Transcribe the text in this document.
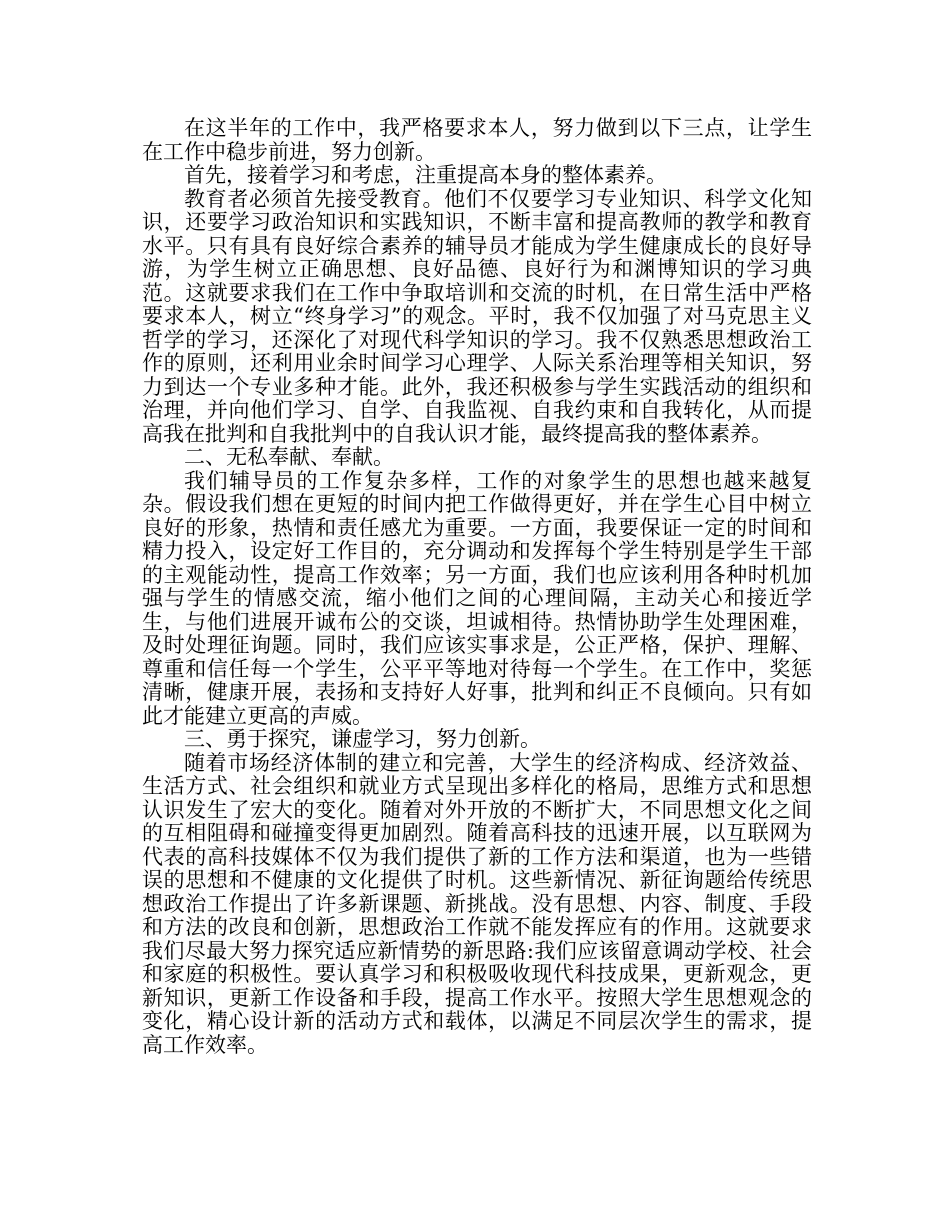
在这半年的工作中，我严格要求本人，努力做到以下三点，让学生在工作中稳步前进，努力创新。

首先，接着学习和考虑，注重提高本身的整体素养。

教育者必须首先接受教育。他们不仅要学习专业知识、科学文化知识，还要学习政治知识和实践知识，不断丰富和提高教师的教学和教育水平。只有具有良好综合素养的辅导员才能成为学生健康成长的良好导游，为学生树立正确思想、良好品德、良好行为和渊博知识的学习典范。这就要求我们在工作中争取培训和交流的时机，在日常生活中严格要求本人，树立“终身学习”的观念。平时，我不仅加强了对马克思主义哲学的学习，还深化了对现代科学知识的学习。我不仅熟悉思想政治工作的原则，还利用业余时间学习心理学、人际关系治理等相关知识，努力到达一个专业多种才能。此外，我还积极参与学生实践活动的组织和治理，并向他们学习、自学、自我监视、自我约束和自我转化，从而提高我在批判和自我批判中的自我认识才能，最终提高我的整体素养。

二、无私奉献、奉献。

我们辅导员的工作复杂多样，工作的对象学生的思想也越来越复杂。假设我们想在更短的时间内把工作做得更好，并在学生心目中树立良好的形象，热情和责任感尤为重要。一方面，我要保证一定的时间和精力投入，设定好工作目的，充分调动和发挥每个学生特别是学生干部的主观能动性，提高工作效率；另一方面，我们也应该利用各种时机加强与学生的情感交流，缩小他们之间的心理间隔，主动关心和接近学生，与他们进展开诚布公的交谈，坦诚相待。热情协助学生处理困难，及时处理征询题。同时，我们应该实事求是，公正严格，保护、理解、尊重和信任每一个学生，公平平等地对待每一个学生。在工作中，奖惩清晰，健康开展，表扬和支持好人好事，批判和纠正不良倾向。只有如此才能建立更高的声威。

三、勇于探究，谦虚学习，努力创新。

随着市场经济体制的建立和完善，大学生的经济构成、经济效益、生活方式、社会组织和就业方式呈现出多样化的格局，思维方式和思想认识发生了宏大的变化。随着对外开放的不断扩大，不同思想文化之间的互相阻碍和碰撞变得更加剧烈。随着高科技的迅速开展，以互联网为代表的高科技媒体不仅为我们提供了新的工作方法和渠道，也为一些错误的思想和不健康的文化提供了时机。这些新情况、新征询题给传统思想政治工作提出了许多新课题、新挑战。没有思想、内容、制度、手段和方法的改良和创新，思想政治工作就不能发挥应有的作用。这就要求我们尽最大努力探究适应新情势的新思路:我们应该留意调动学校、社会和家庭的积极性。要认真学习和积极吸收现代科技成果，更新观念，更新知识，更新工作设备和手段，提高工作水平。按照大学生思想观念的变化，精心设计新的活动方式和载体，以满足不同层次学生的需求，提高工作效率。
